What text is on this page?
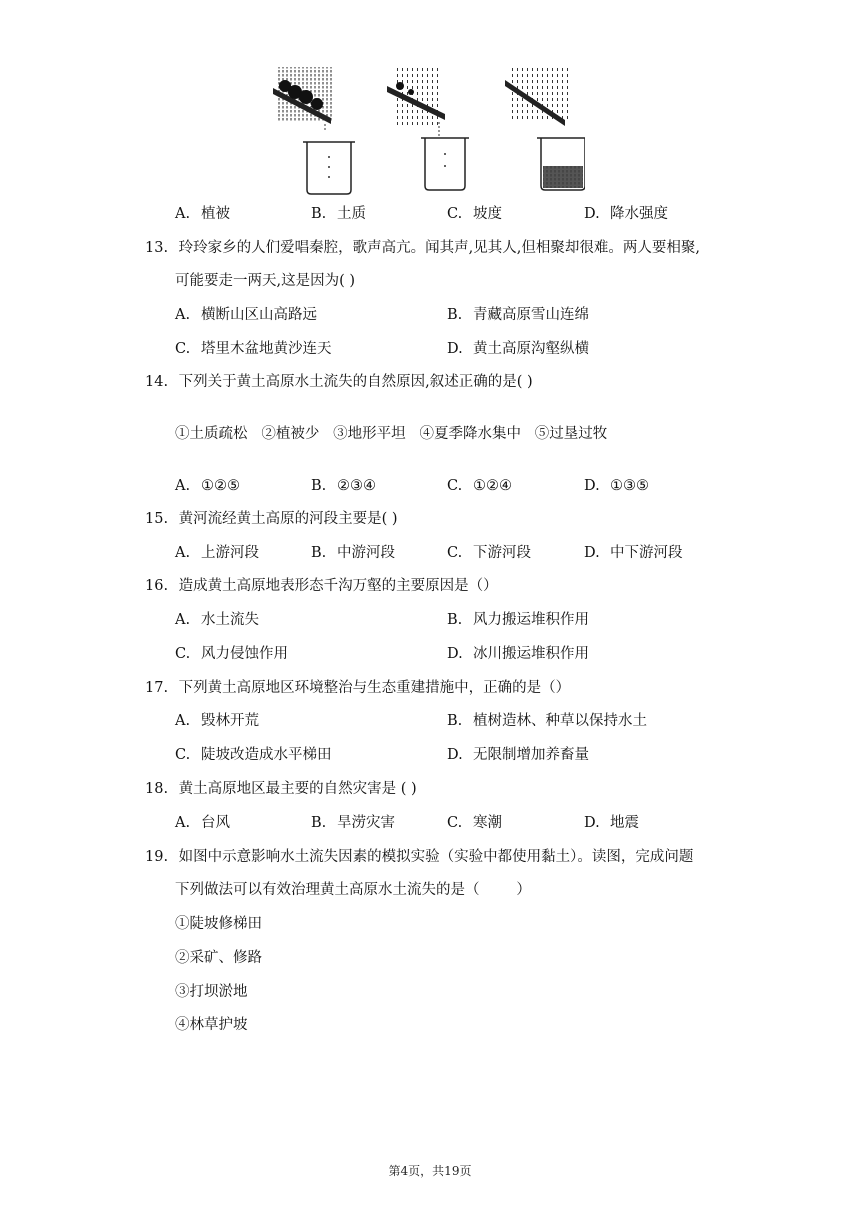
A. 植被	B. 土质	C. 坡度	D. 降水强度
13. 玲玲家乡的人们爱唱秦腔，歌声高亢。闻其声,见其人,但相聚却很难。两人要相聚,
可能要走一两天,这是因为( )
A. 横断山区山高路远	B. 青藏高原雪山连绵
C. 塔里木盆地黄沙连天	D. 黄土高原沟壑纵横
14. 下列关于黄土高原水土流失的自然原因,叙述正确的是( )
①土质疏松   ②植被少   ③地形平坦   ④夏季降水集中   ⑤过垦过牧
A. ①②⑤	B. ②③④	C. ①②④	D. ①③⑤
15. 黄河流经黄土高原的河段主要是( )
A. 上游河段	B. 中游河段	C. 下游河段	D. 中下游河段
16. 造成黄土高原地表形态千沟万壑的主要原因是（）
A. 水土流失	B. 风力搬运堆积作用
C. 风力侵蚀作用	D. 冰川搬运堆积作用
17. 下列黄土高原地区环境整治与生态重建措施中，正确的是（）
A. 毁林开荒	B. 植树造林、种草以保持水土
C. 陡坡改造成水平梯田	D. 无限制增加养畜量
18. 黄土高原地区最主要的自然灾害是 ( )
A. 台风	B. 旱涝灾害	C. 寒潮	D. 地震
19. 如图中示意影响水土流失因素的模拟实验（实验中都使用黏土）。读图，完成问题
下列做法可以有效治理黄土高原水土流失的是（        ）
①陡坡修梯田
②采矿、修路
③打坝淤地
④林草护坡
第4页，共19页
